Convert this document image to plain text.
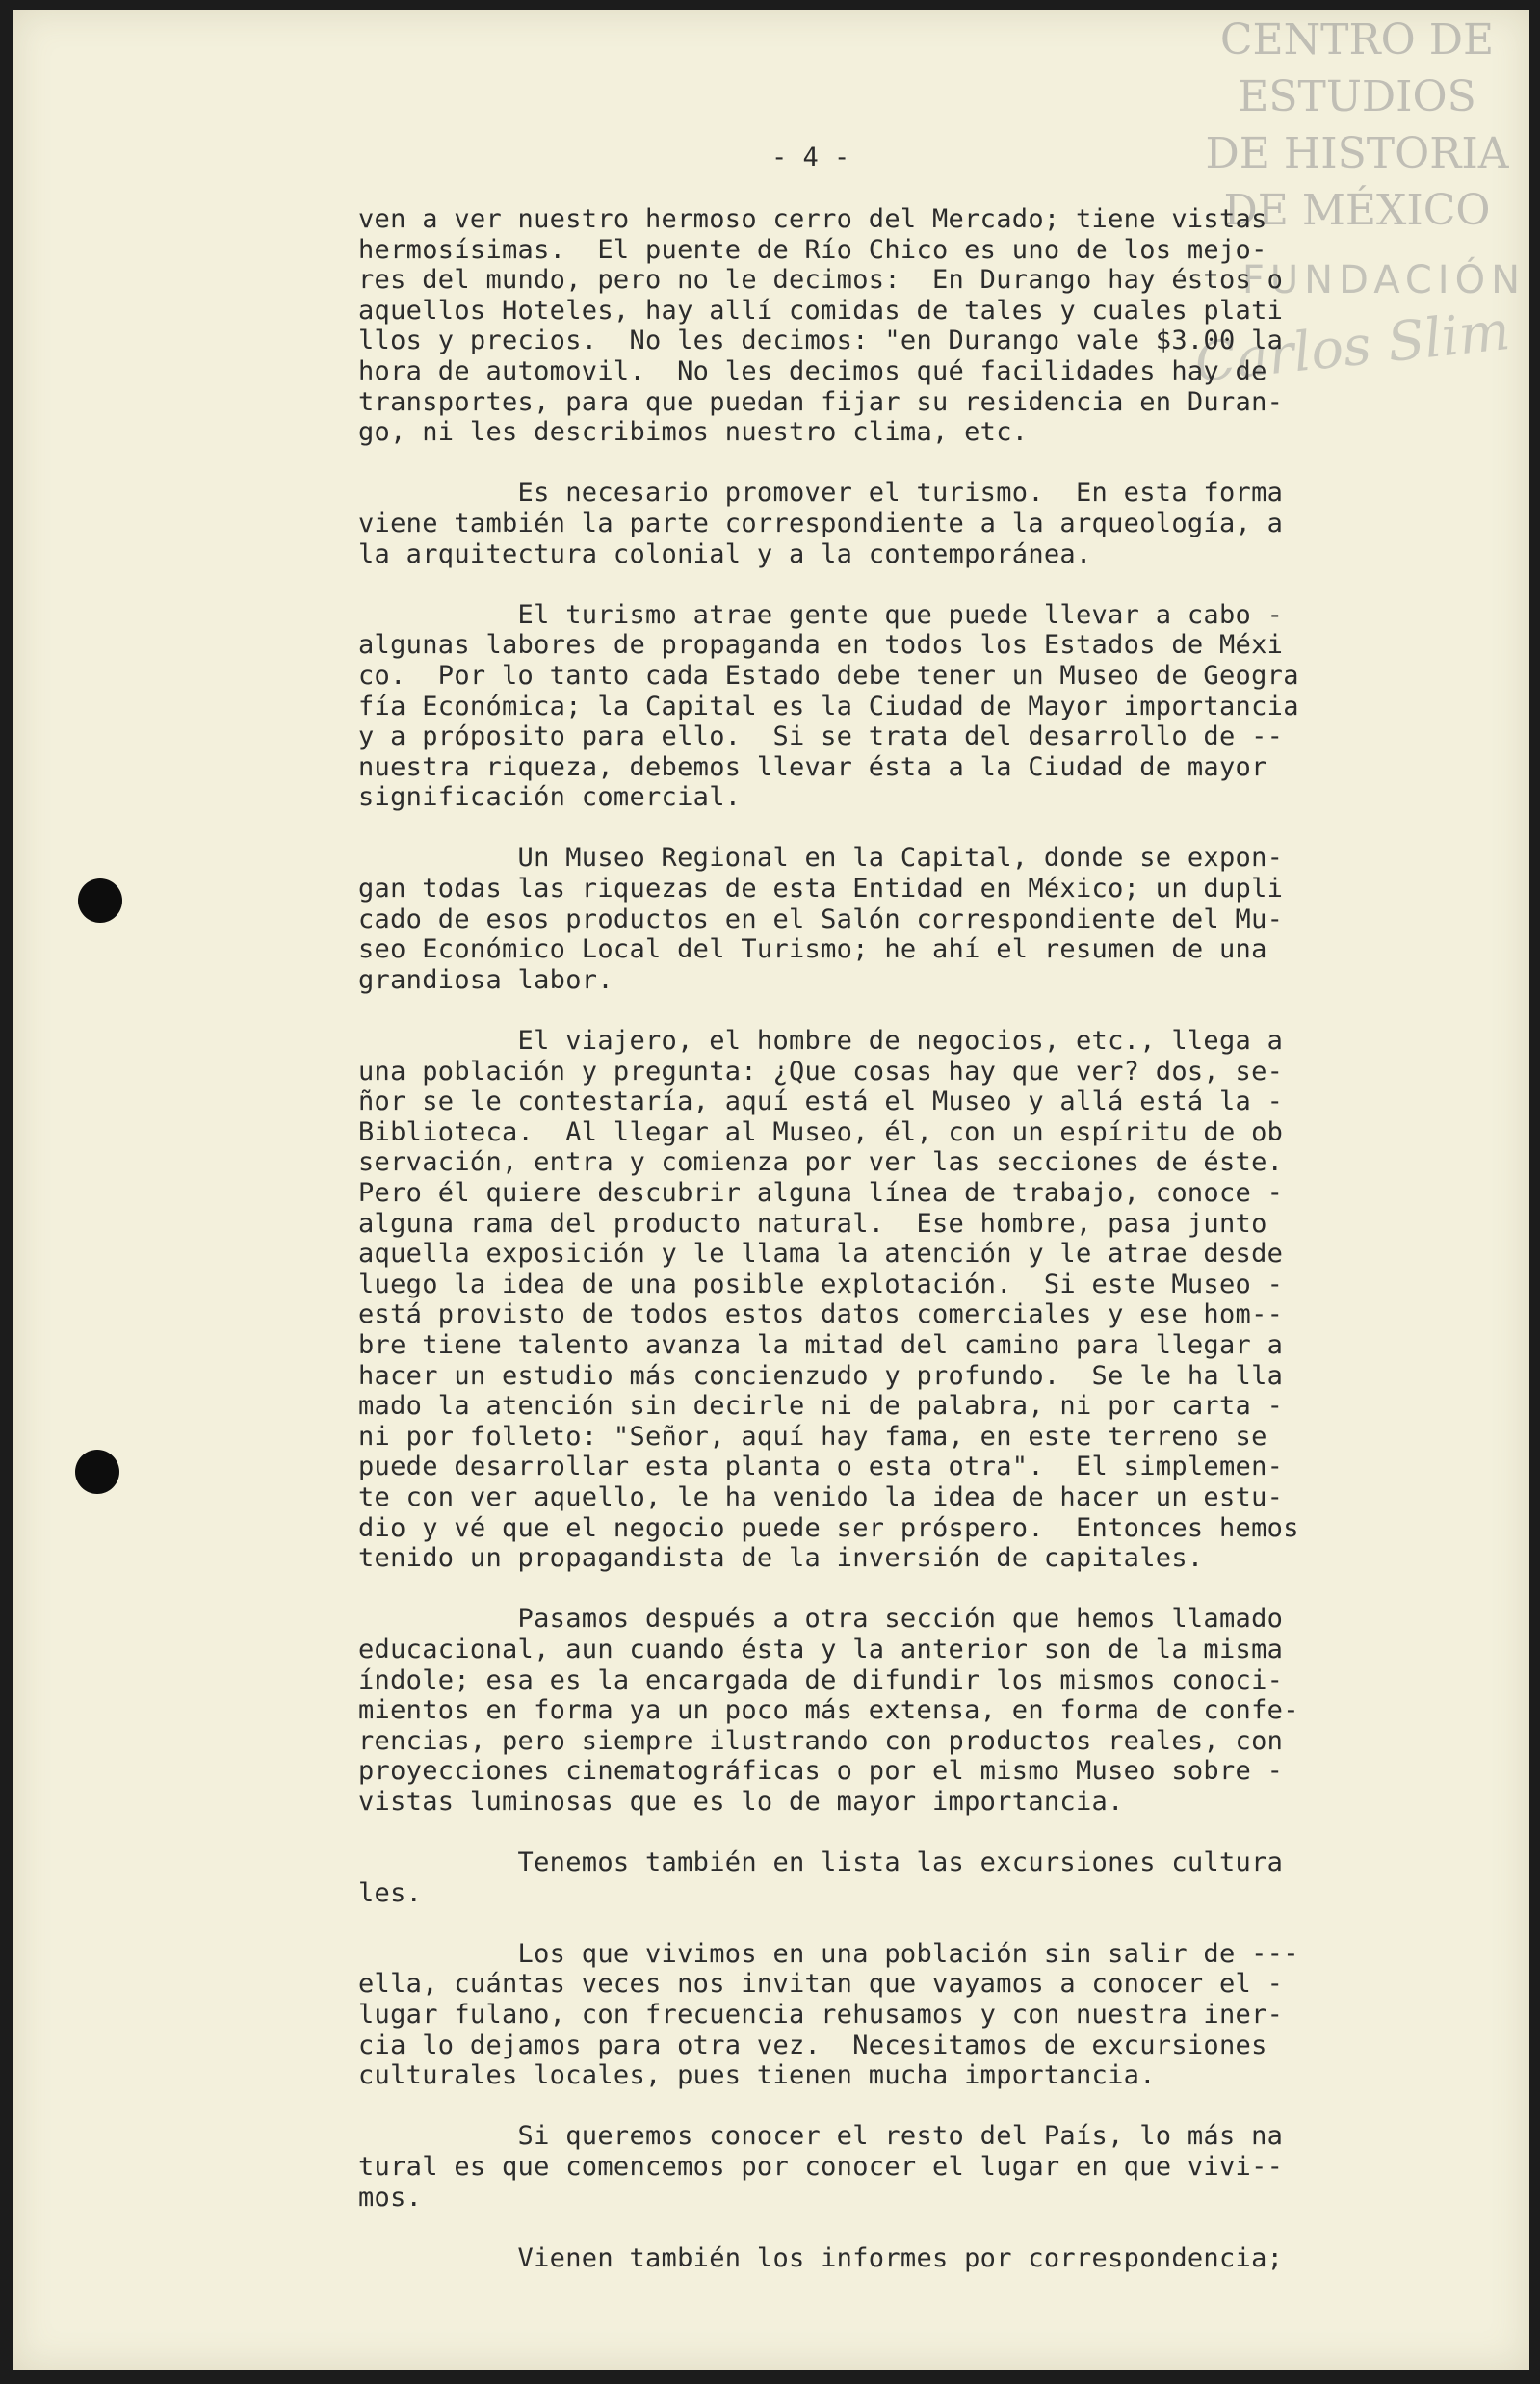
CENTRO DE
ESTUDIOS
DE HISTORIA
DE MÉXICO
FUNDACIÓN
Carlos Slim
- 4 -
ven a ver nuestro hermoso cerro del Mercado; tiene vistas
hermosísimas.  El puente de Río Chico es uno de los mejo-
res del mundo, pero no le decimos:  En Durango hay éstos o
aquellos Hoteles, hay allí comidas de tales y cuales plati
llos y precios.  No les decimos: "en Durango vale $3.00 la
hora de automovil.  No les decimos qué facilidades hay de
transportes, para que puedan fijar su residencia en Duran-
go, ni les describimos nuestro clima, etc.
Es necesario promover el turismo.  En esta forma
viene también la parte correspondiente a la arqueología, a
la arquitectura colonial y a la contemporánea.
El turismo atrae gente que puede llevar a cabo -
algunas labores de propaganda en todos los Estados de Méxi
co.  Por lo tanto cada Estado debe tener un Museo de Geogra
fía Económica; la Capital es la Ciudad de Mayor importancia
y a próposito para ello.  Si se trata del desarrollo de --
nuestra riqueza, debemos llevar ésta a la Ciudad de mayor
significación comercial.
Un Museo Regional en la Capital, donde se expon-
gan todas las riquezas de esta Entidad en México; un dupli
cado de esos productos en el Salón correspondiente del Mu-
seo Económico Local del Turismo; he ahí el resumen de una
grandiosa labor.
El viajero, el hombre de negocios, etc., llega a
una población y pregunta: ¿Que cosas hay que ver? dos, se-
ñor se le contestaría, aquí está el Museo y allá está la -
Biblioteca.  Al llegar al Museo, él, con un espíritu de ob
servación, entra y comienza por ver las secciones de éste.
Pero él quiere descubrir alguna línea de trabajo, conoce -
alguna rama del producto natural.  Ese hombre, pasa junto
aquella exposición y le llama la atención y le atrae desde
luego la idea de una posible explotación.  Si este Museo -
está provisto de todos estos datos comerciales y ese hom--
bre tiene talento avanza la mitad del camino para llegar a
hacer un estudio más concienzudo y profundo.  Se le ha lla
mado la atención sin decirle ni de palabra, ni por carta -
ni por folleto: "Señor, aquí hay fama, en este terreno se
puede desarrollar esta planta o esta otra".  El simplemen-
te con ver aquello, le ha venido la idea de hacer un estu-
dio y vé que el negocio puede ser próspero.  Entonces hemos
tenido un propagandista de la inversión de capitales.
Pasamos después a otra sección que hemos llamado
educacional, aun cuando ésta y la anterior son de la misma
índole; esa es la encargada de difundir los mismos conoci-
mientos en forma ya un poco más extensa, en forma de confe-
rencias, pero siempre ilustrando con productos reales, con
proyecciones cinematográficas o por el mismo Museo sobre -
vistas luminosas que es lo de mayor importancia.
Tenemos también en lista las excursiones cultura
les.
Los que vivimos en una población sin salir de ---
ella, cuántas veces nos invitan que vayamos a conocer el -
lugar fulano, con frecuencia rehusamos y con nuestra iner-
cia lo dejamos para otra vez.  Necesitamos de excursiones
culturales locales, pues tienen mucha importancia.
Si queremos conocer el resto del País, lo más na
tural es que comencemos por conocer el lugar en que vivi--
mos.
Vienen también los informes por correspondencia;
